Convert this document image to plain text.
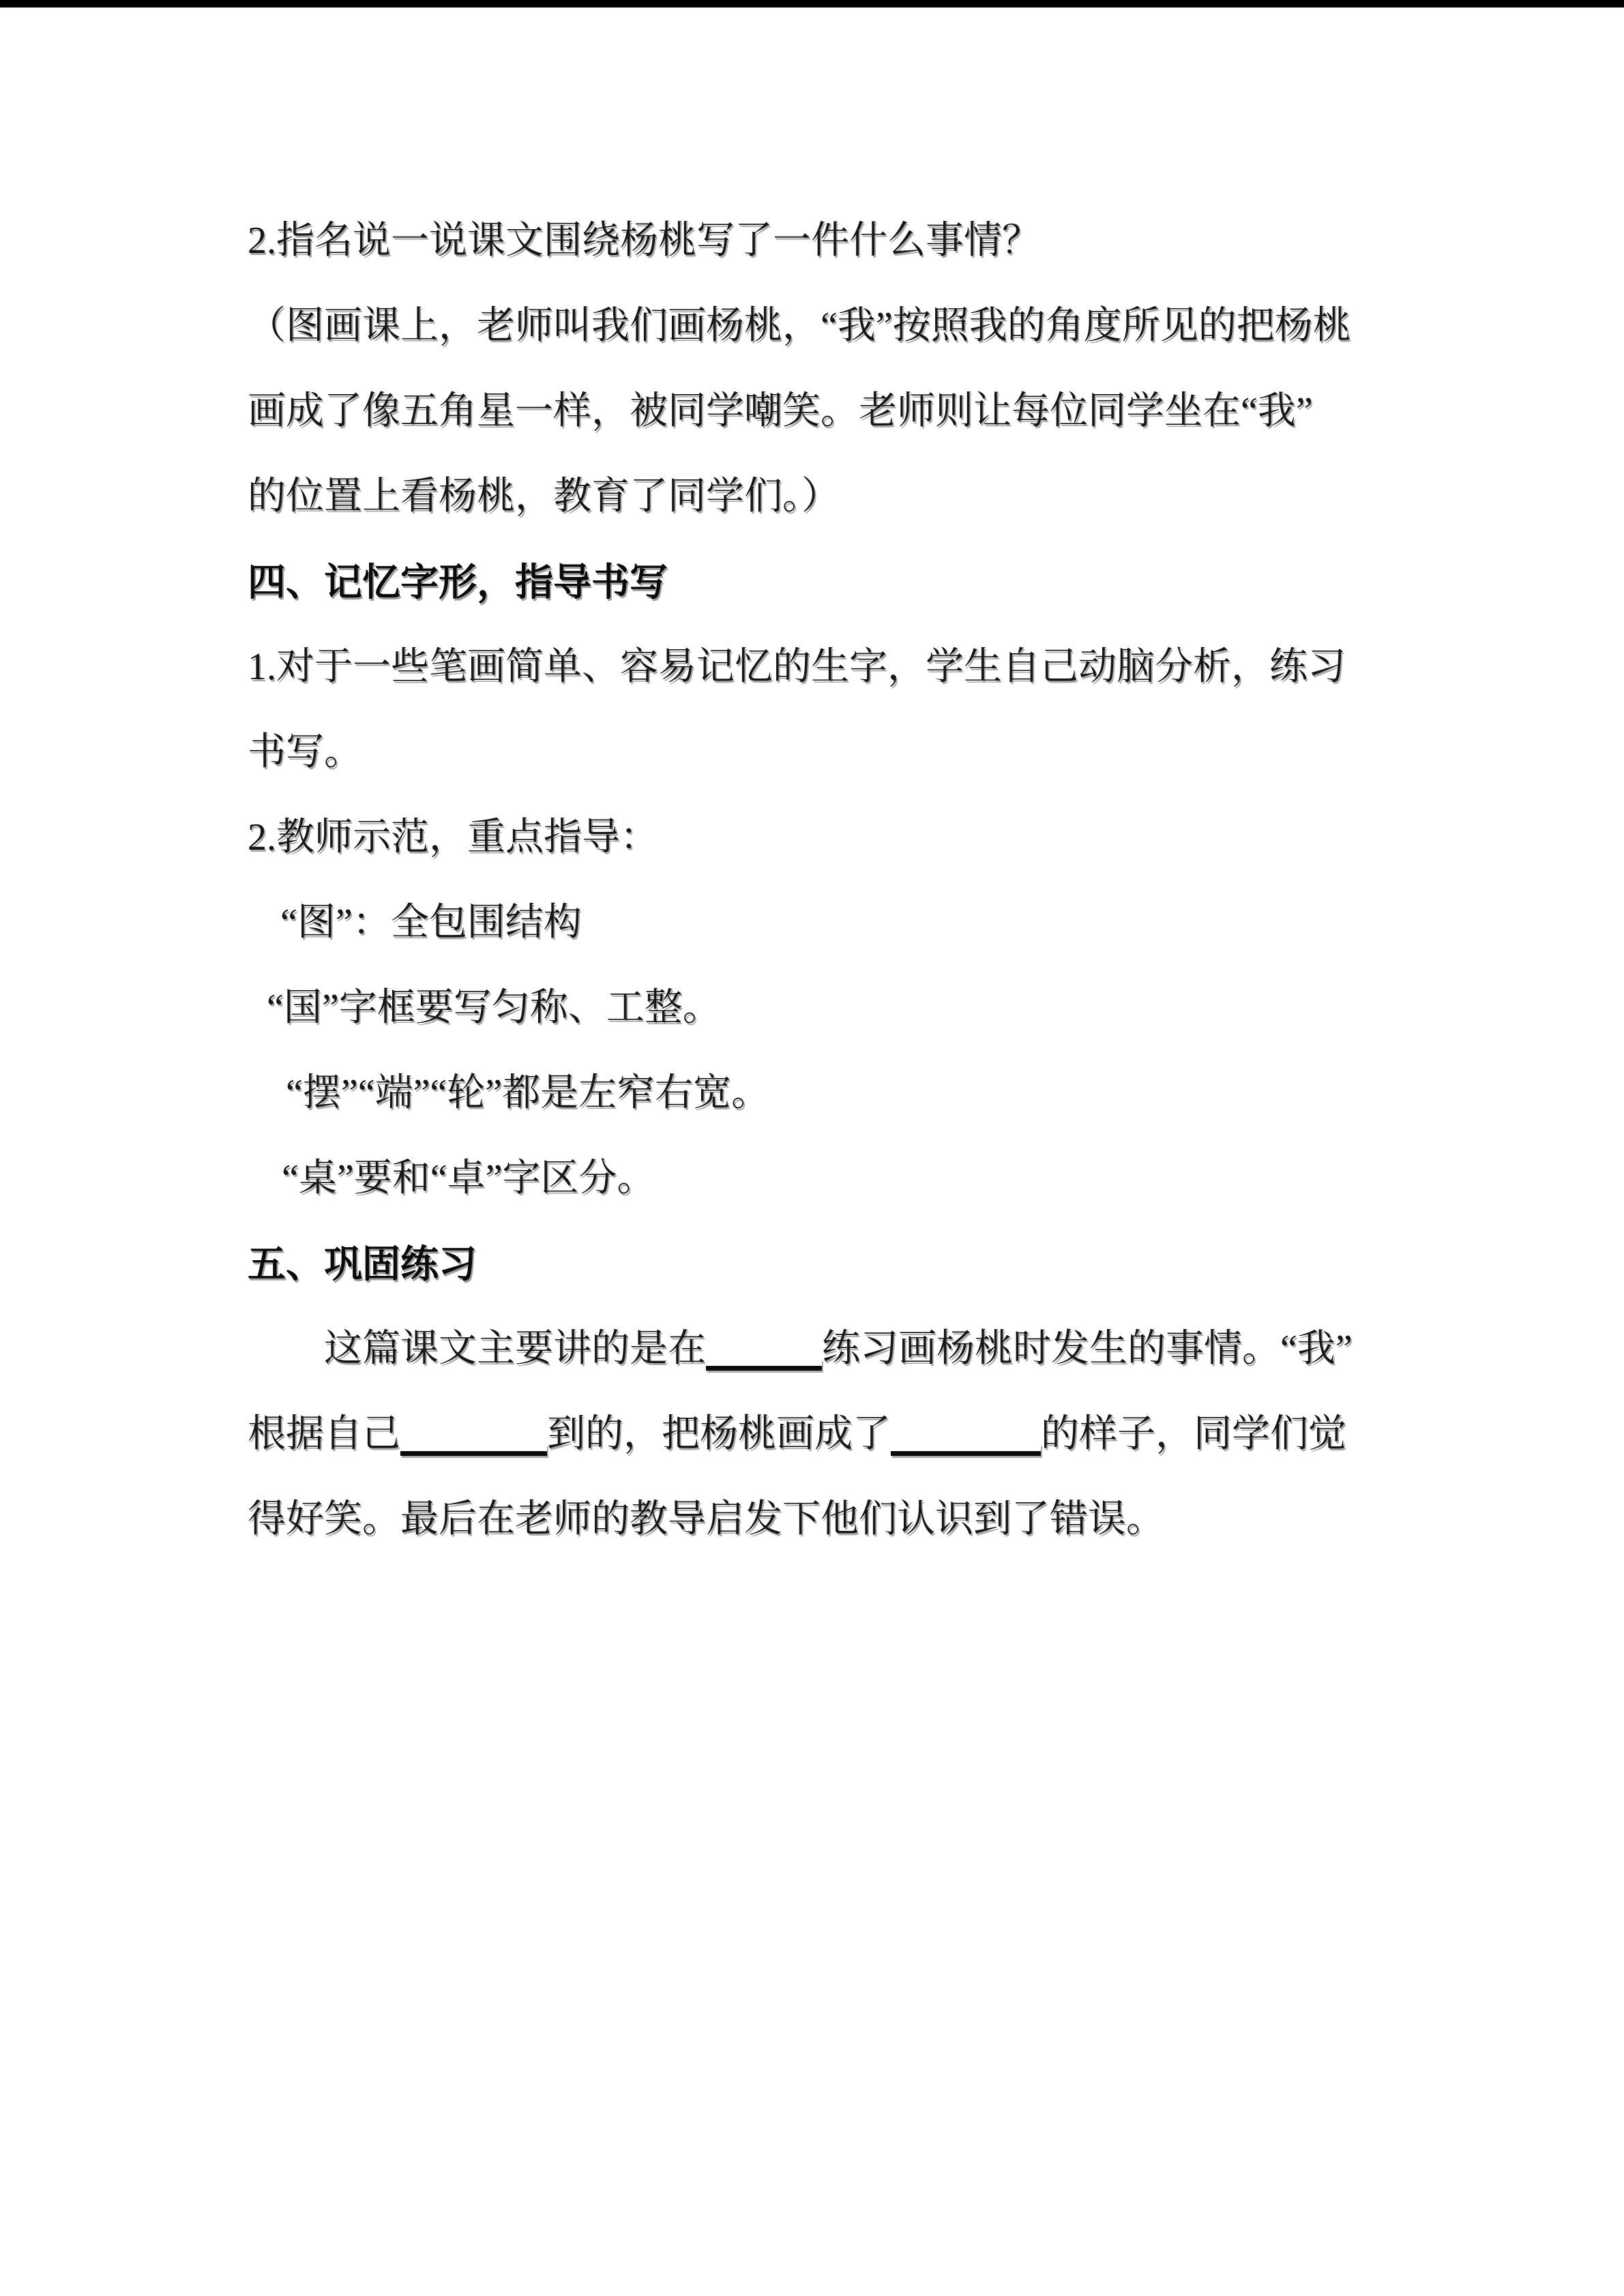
2.指名说一说课文围绕杨桃写了一件什么事情？

（图画课上，老师叫我们画杨桃，“我”按照我的角度所见的把杨桃

画成了像五角星一样，被同学嘲笑。老师则让每位同学坐在“我”

的位置上看杨桃，教育了同学们。）

四、记忆字形，指导书写

1.对于一些笔画简单、容易记忆的生字，学生自己动脑分析，练习

书写。

2.教师示范，重点指导：

“图”：全包围结构

“国”字框要写匀称、工整。

“摆”“端”“轮”都是左窄右宽。

“桌”要和“卓”字区分。

五、巩固练习

这篇课文主要讲的是在	练习画杨桃时发生的事情。“我”

根据自己	到的，把杨桃画成了	的样子，同学们觉

得好笑。最后在老师的教导启发下他们认识到了错误。
